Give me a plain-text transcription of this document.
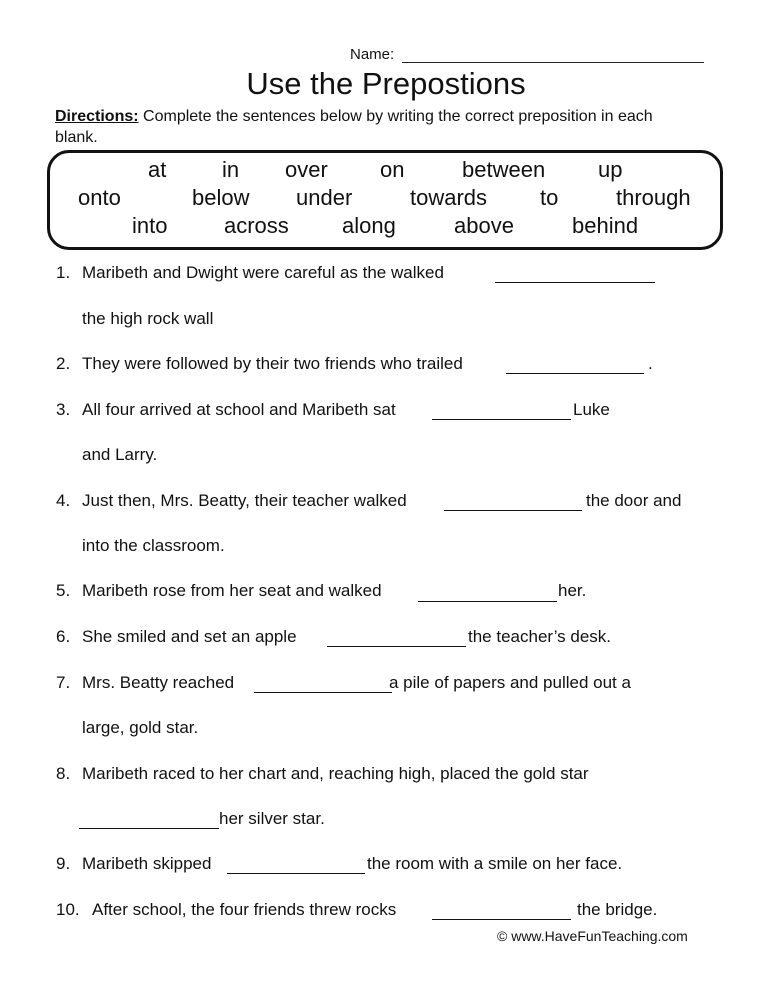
Name:
Use the Prepostions
Directions: Complete the sentences below by writing the correct preposition in each blank.
at	in over on	between up
onto	below under	towards to	through
into	across along	above	behind
1. Maribeth and Dwight were careful as the walked
the high rock wall
2. They were followed by their two friends who trailed	.
3. All four arrived at school and Maribeth sat	Luke
and Larry.
4. Just then, Mrs. Beatty, their teacher walked	the door and
into the classroom.
5. Maribeth rose from her seat and walked	her.
6. She smiled and set an apple	the teacher’s desk.
7. Mrs. Beatty reached	a pile of papers and pulled out a
large, gold star.
8. Maribeth raced to her chart and, reaching high, placed the gold star
her silver star.
9. Maribeth skipped	the room with a smile on her face.
10. After school, the four friends threw rocks	the bridge.
© www.HaveFunTeaching.com
